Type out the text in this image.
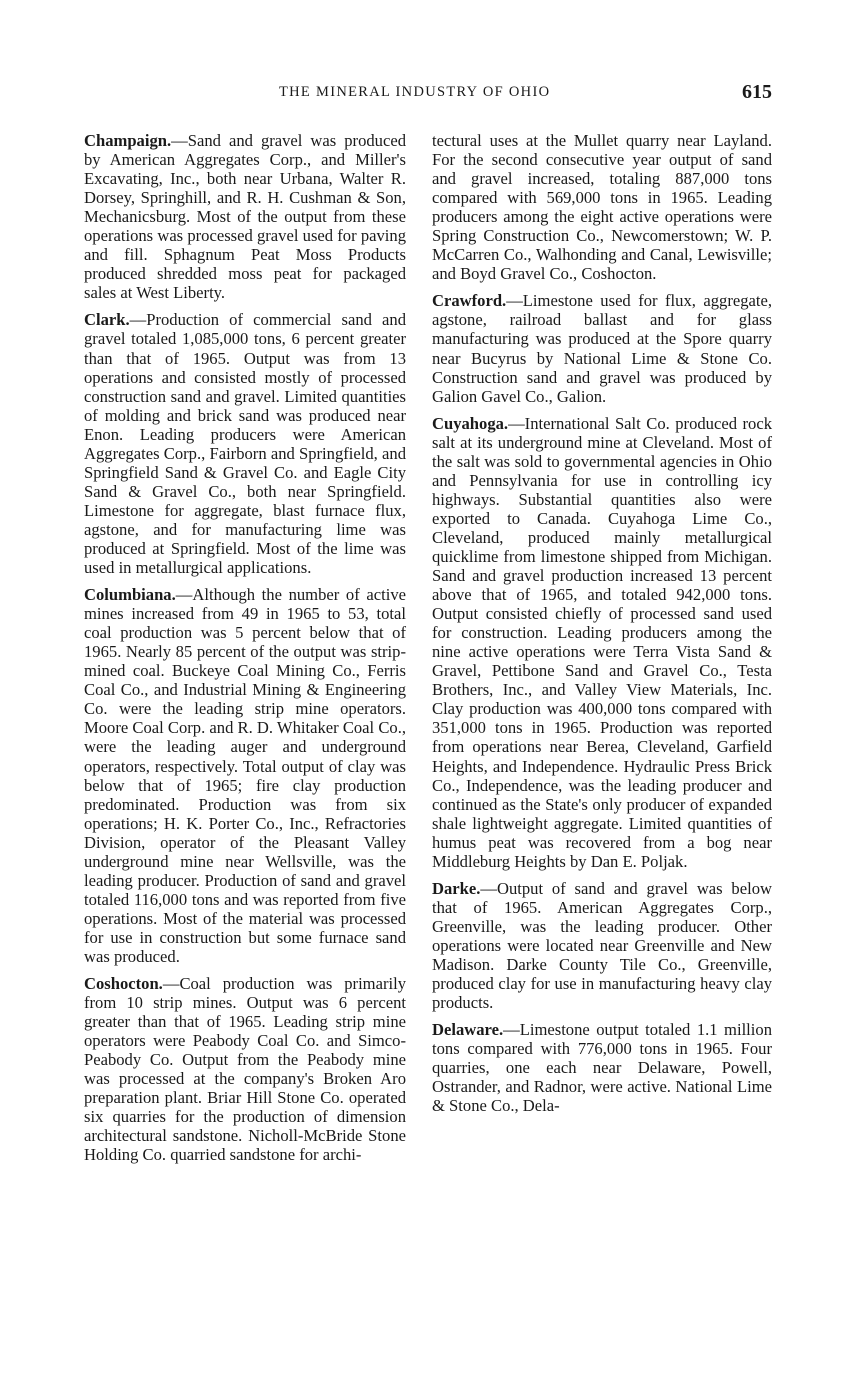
THE MINERAL INDUSTRY OF OHIO	615

Champaign.—Sand and gravel was produced by American Aggregates Corp., and Miller's Excavating, Inc., both near Urbana, Walter R. Dorsey, Springhill, and R. H. Cushman & Son, Mechanicsburg. Most of the output from these operations was processed gravel used for paving and fill. Sphagnum Peat Moss Products produced shredded moss peat for packaged sales at West Liberty.

Clark.—Production of commercial sand and gravel totaled 1,085,000 tons, 6 percent greater than that of 1965. Output was from 13 operations and consisted mostly of processed construction sand and gravel. Limited quantities of molding and brick sand was produced near Enon. Leading producers were American Aggregates Corp., Fairborn and Springfield, and Springfield Sand & Gravel Co. and Eagle City Sand & Gravel Co., both near Springfield. Limestone for aggregate, blast furnace flux, agstone, and for manufacturing lime was produced at Springfield. Most of the lime was used in metallurgical applications.

Columbiana.—Although the number of active mines increased from 49 in 1965 to 53, total coal production was 5 percent below that of 1965. Nearly 85 percent of the output was strip-mined coal. Buckeye Coal Mining Co., Ferris Coal Co., and Industrial Mining & Engineering Co. were the leading strip mine operators. Moore Coal Corp. and R. D. Whitaker Coal Co., were the leading auger and underground operators, respectively. Total output of clay was below that of 1965; fire clay production predominated. Production was from six operations; H. K. Porter Co., Inc., Refractories Division, operator of the Pleasant Valley underground mine near Wellsville, was the leading producer. Production of sand and gravel totaled 116,000 tons and was reported from five operations. Most of the material was processed for use in construction but some furnace sand was produced.

Coshocton.—Coal production was primarily from 10 strip mines. Output was 6 percent greater than that of 1965. Leading strip mine operators were Peabody Coal Co. and Simco-Peabody Co. Output from the Peabody mine was processed at the company's Broken Aro preparation plant. Briar Hill Stone Co. operated six quarries for the production of dimension architectural sandstone. Nicholl-McBride Stone Holding Co. quarried sandstone for archi-

tectural uses at the Mullet quarry near Layland. For the second consecutive year output of sand and gravel increased, totaling 887,000 tons compared with 569,000 tons in 1965. Leading producers among the eight active operations were Spring Construction Co., Newcomerstown; W. P. McCarren Co., Walhonding and Canal, Lewisville; and Boyd Gravel Co., Coshocton.

Crawford.—Limestone used for flux, aggregate, agstone, railroad ballast and for glass manufacturing was produced at the Spore quarry near Bucyrus by National Lime & Stone Co. Construction sand and gravel was produced by Galion Gavel Co., Galion.

Cuyahoga.—International Salt Co. produced rock salt at its underground mine at Cleveland. Most of the salt was sold to governmental agencies in Ohio and Pennsylvania for use in controlling icy highways. Substantial quantities also were exported to Canada. Cuyahoga Lime Co., Cleveland, produced mainly metallurgical quicklime from limestone shipped from Michigan. Sand and gravel production increased 13 percent above that of 1965, and totaled 942,000 tons. Output consisted chiefly of processed sand used for construction. Leading producers among the nine active operations were Terra Vista Sand & Gravel, Pettibone Sand and Gravel Co., Testa Brothers, Inc., and Valley View Materials, Inc. Clay production was 400,000 tons compared with 351,000 tons in 1965. Production was reported from operations near Berea, Cleveland, Garfield Heights, and Independence. Hydraulic Press Brick Co., Independence, was the leading producer and continued as the State's only producer of expanded shale lightweight aggregate. Limited quantities of humus peat was recovered from a bog near Middleburg Heights by Dan E. Poljak.

Darke.—Output of sand and gravel was below that of 1965. American Aggregates Corp., Greenville, was the leading producer. Other operations were located near Greenville and New Madison. Darke County Tile Co., Greenville, produced clay for use in manufacturing heavy clay products.

Delaware.—Limestone output totaled 1.1 million tons compared with 776,000 tons in 1965. Four quarries, one each near Delaware, Powell, Ostrander, and Radnor, were active. National Lime & Stone Co., Dela-
